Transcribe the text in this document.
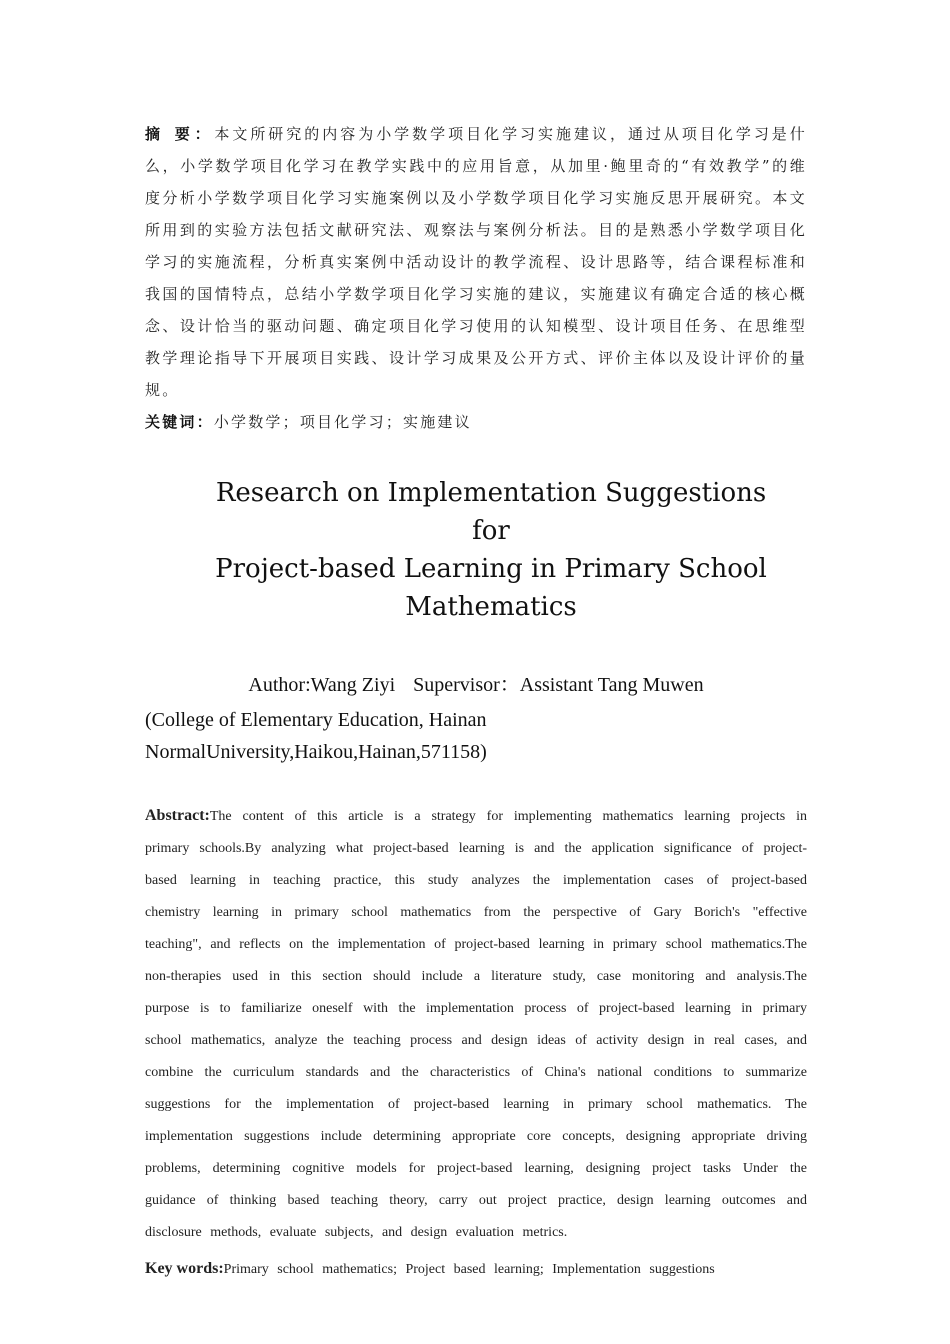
摘 要：本文所研究的内容为小学数学项目化学习实施建议，通过从项目化学习是什么，小学数学项目化学习在教学实践中的应用旨意，从加里·鲍里奇的“有效教学”的维度分析小学数学项目化学习实施案例以及小学数学项目化学习实施反思开展研究。本文所用到的实验方法包括文献研究法、观察法与案例分析法。目的是熟悉小学数学项目化学习的实施流程，分析真实案例中活动设计的教学流程、设计思路等，结合课程标准和我国的国情特点，总结小学数学项目化学习实施的建议，实施建议有确定合适的核心概念、设计恰当的驱动问题、确定项目化学习使用的认知模型、设计项目任务、在思维型教学理论指导下开展项目实践、设计学习成果及公开方式、评价主体以及设计评价的量规。

关键词：小学数学；项目化学习；实施建议

Research on Implementation Suggestions for
Project-based Learning in Primary School
Mathematics
Author:Wang Ziyi Supervisor：Assistant Tang Muwen
(College of Elementary Education, Hainan NormalUniversity,Haikou,Hainan,571158)

Abstract:The content of this article is a strategy for implementing mathematics learning projects in primary schools.By analyzing what project-based learning is and the application significance of project-based learning in teaching practice, this study analyzes the implementation cases of project-based chemistry learning in primary school mathematics from the perspective of Gary Borich's "effective teaching", and reflects on the implementation of project-based learning in primary school mathematics.The non-therapies used in this section should include a literature study, case monitoring and analysis.The purpose is to familiarize oneself with the implementation process of project-based learning in primary school mathematics, analyze the teaching process and design ideas of activity design in real cases, and combine the curriculum standards and the characteristics of China's national conditions to summarize suggestions for the implementation of project-based learning in primary school mathematics. The implementation suggestions include determining appropriate core concepts, designing appropriate driving problems, determining cognitive models for project-based learning, designing project tasks Under the guidance of thinking based teaching theory, carry out project practice, design learning outcomes and disclosure methods, evaluate subjects, and design evaluation metrics.

Key words:Primary school mathematics; Project based learning; Implementation suggestions
